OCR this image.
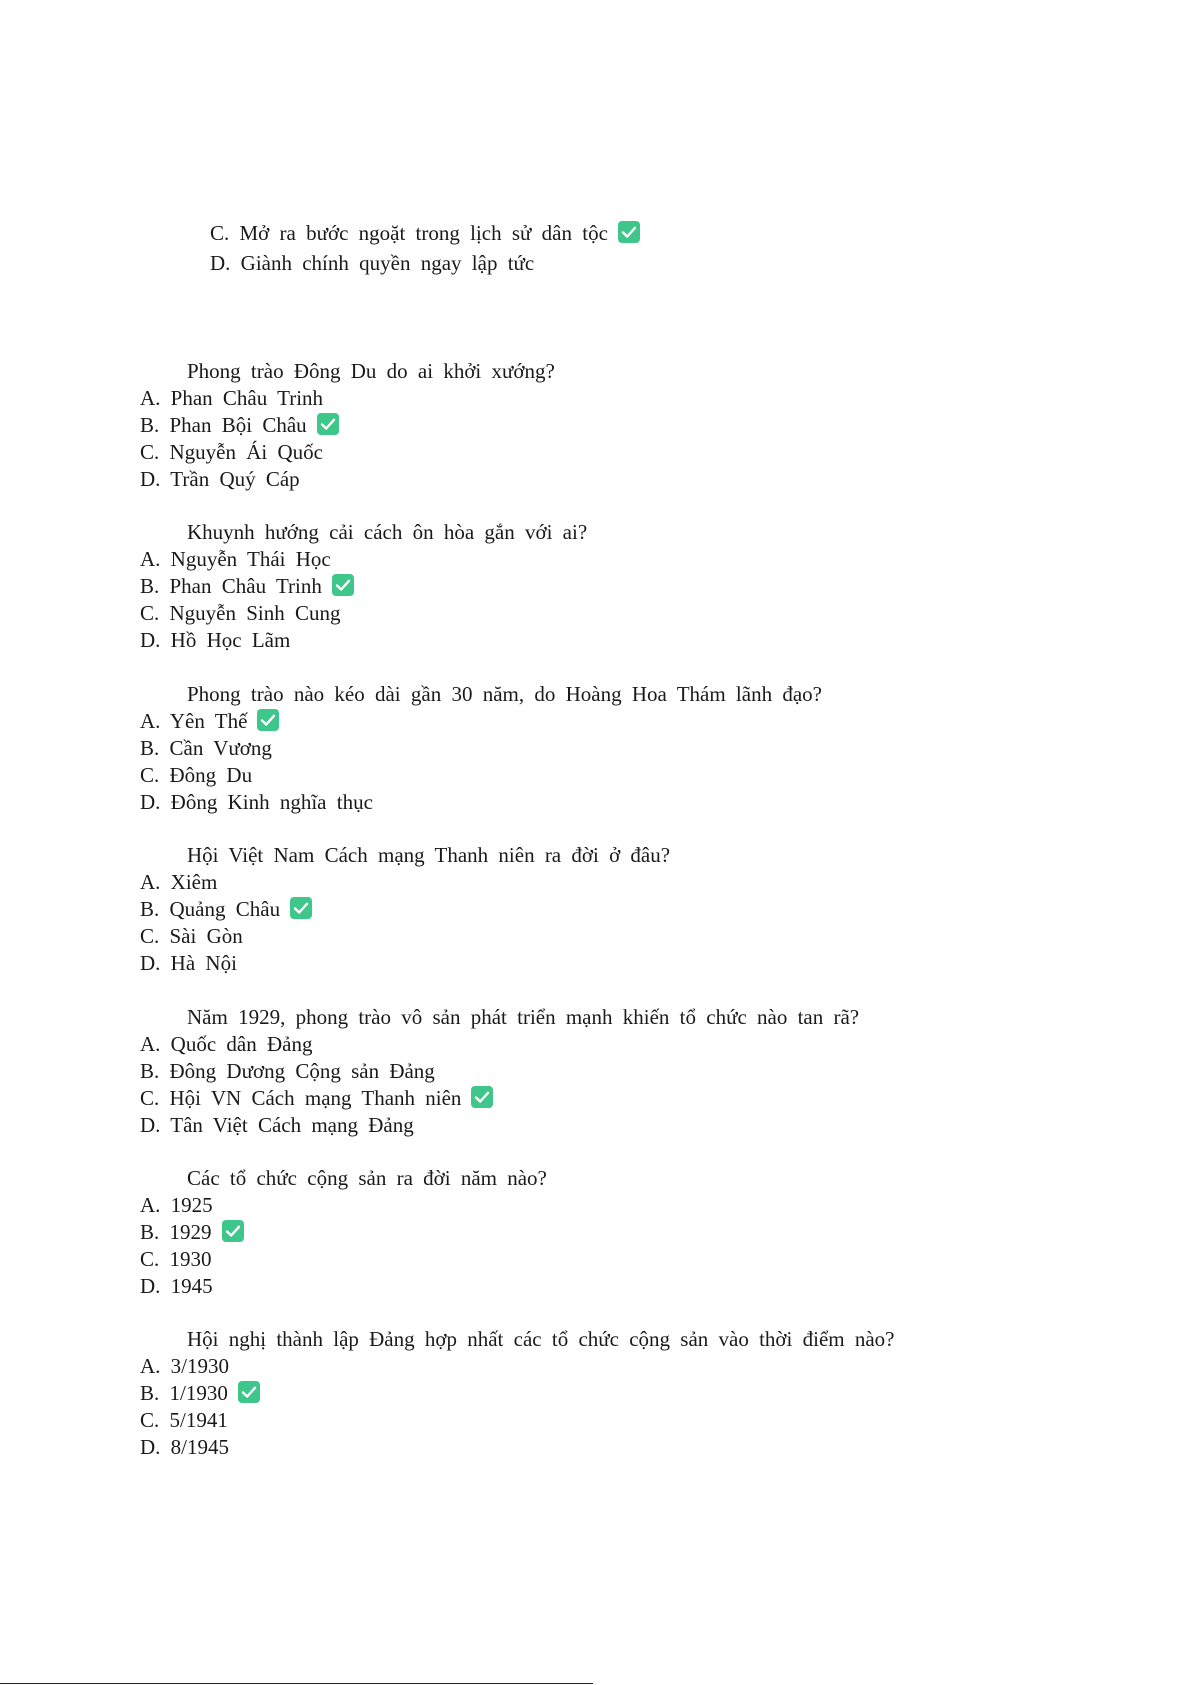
C. Mở ra bước ngoặt trong lịch sử dân tộc
D. Giành chính quyền ngay lập tức
Phong trào Đông Du do ai khởi xướng?
A. Phan Châu Trinh
B. Phan Bội Châu
C. Nguyễn Ái Quốc
D. Trần Quý Cáp
Khuynh hướng cải cách ôn hòa gắn với ai?
A. Nguyễn Thái Học
B. Phan Châu Trinh
C. Nguyễn Sinh Cung
D. Hồ Học Lãm
Phong trào nào kéo dài gần 30 năm, do Hoàng Hoa Thám lãnh đạo?
A. Yên Thế
B. Cần Vương
C. Đông Du
D. Đông Kinh nghĩa thục
Hội Việt Nam Cách mạng Thanh niên ra đời ở đâu?
A. Xiêm
B. Quảng Châu
C. Sài Gòn
D. Hà Nội
Năm 1929, phong trào vô sản phát triển mạnh khiến tổ chức nào tan rã?
A. Quốc dân Đảng
B. Đông Dương Cộng sản Đảng
C. Hội VN Cách mạng Thanh niên
D. Tân Việt Cách mạng Đảng
Các tổ chức cộng sản ra đời năm nào?
A. 1925
B. 1929
C. 1930
D. 1945
Hội nghị thành lập Đảng hợp nhất các tổ chức cộng sản vào thời điểm nào?
A. 3/1930
B. 1/1930
C. 5/1941
D. 8/1945
